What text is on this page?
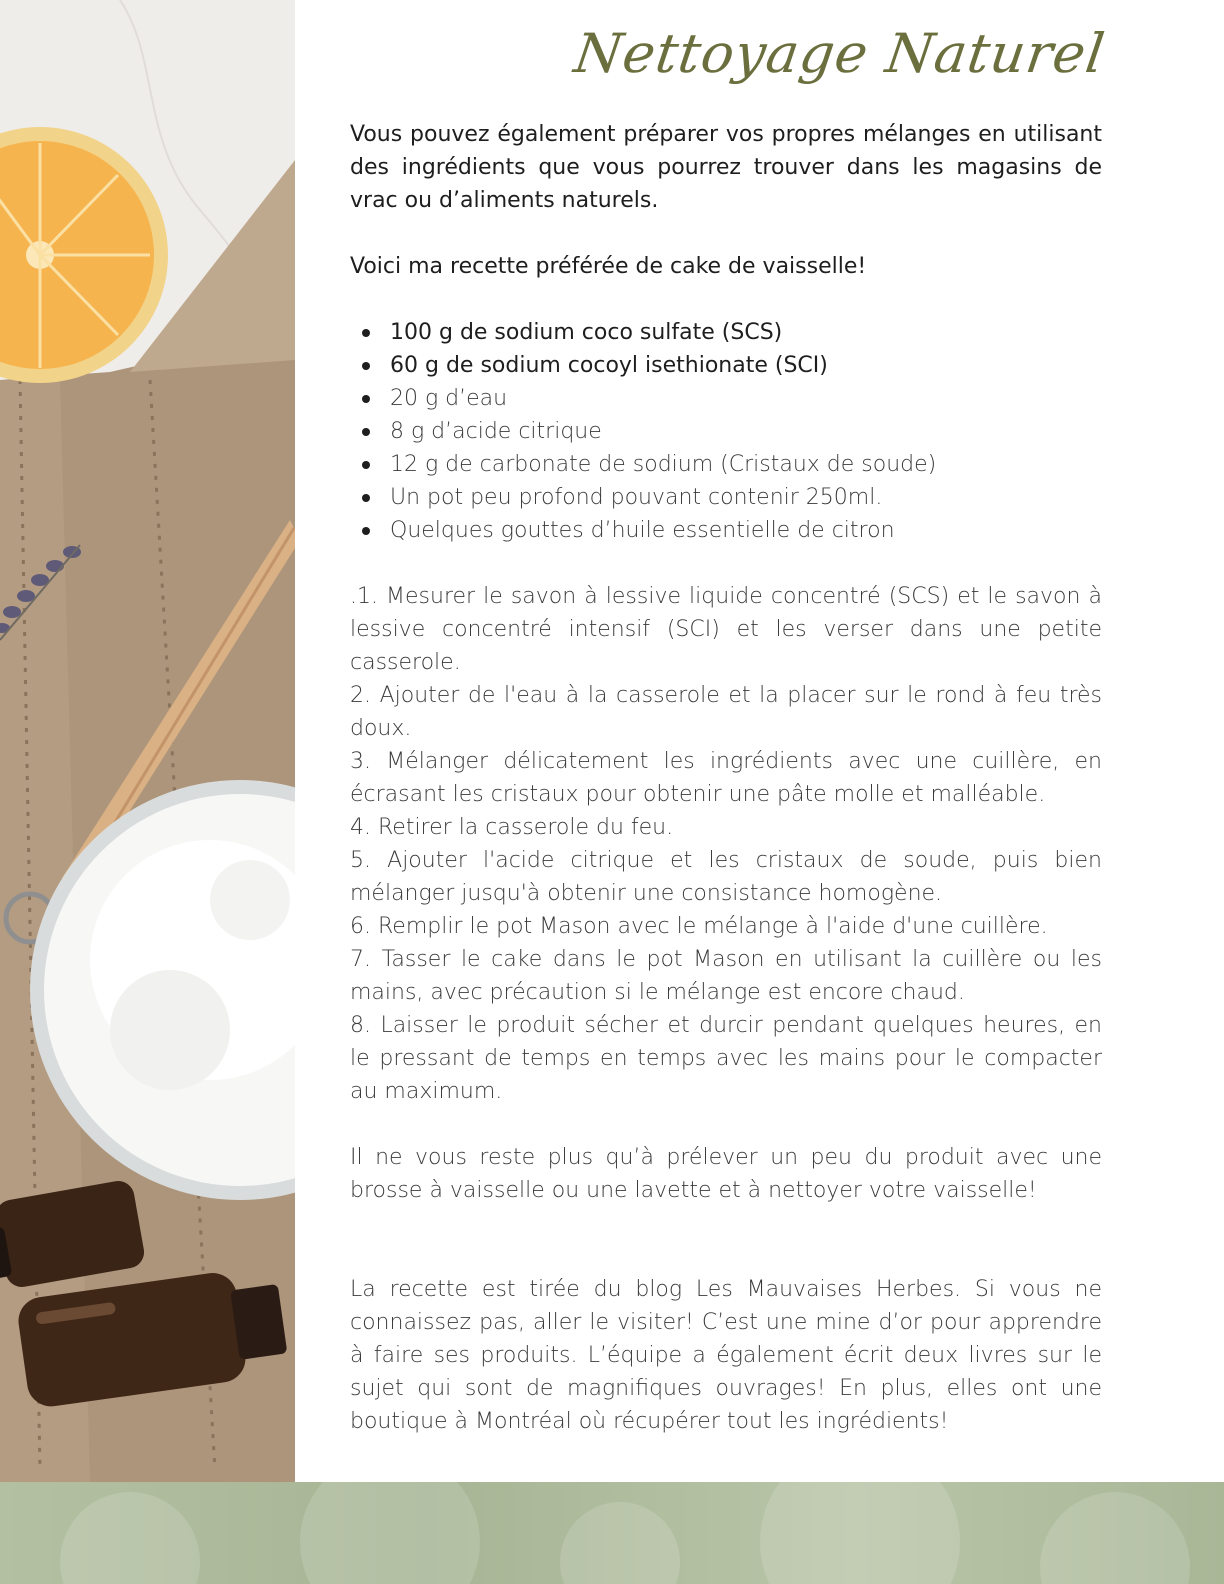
Nettoyage Naturel

Vous pouvez également préparer vos propres mélanges en utilisant des ingrédients que vous pourrez trouver dans les magasins de vrac ou d’aliments naturels.

Voici ma recette préférée de cake de vaisselle!

100 g de sodium coco sulfate (SCS)
60 g de sodium cocoyl isethionate (SCI)
20 g d’eau
8 g d’acide citrique
12 g de carbonate de sodium (Cristaux de soude)
Un pot peu profond pouvant contenir 250ml.
Quelques gouttes d’huile essentielle de citron

.1. Mesurer le savon à lessive liquide concentré (SCS) et le savon à lessive concentré intensif (SCI) et les verser dans une petite casserole.

2. Ajouter de l'eau à la casserole et la placer sur le rond à feu très doux.

3. Mélanger délicatement les ingrédients avec une cuillère, en écrasant les cristaux pour obtenir une pâte molle et malléable.

4. Retirer la casserole du feu.

5. Ajouter l'acide citrique et les cristaux de soude, puis bien mélanger jusqu'à obtenir une consistance homogène.

6. Remplir le pot Mason avec le mélange à l'aide d'une cuillère.

7. Tasser le cake dans le pot Mason en utilisant la cuillère ou les mains, avec précaution si le mélange est encore chaud.

8. Laisser le produit sécher et durcir pendant quelques heures, en le pressant de temps en temps avec les mains pour le compacter au maximum.

Il ne vous reste plus qu’à prélever un peu du produit avec une brosse à vaisselle ou une lavette et à nettoyer votre vaisselle!

La recette est tirée du blog Les Mauvaises Herbes. Si vous ne connaissez pas, aller le visiter! C’est une mine d’or pour apprendre à faire ses produits. L’équipe a également écrit deux livres sur le sujet qui sont de magnifiques ouvrages! En plus, elles ont une boutique à Montréal où récupérer tout les ingrédients!
